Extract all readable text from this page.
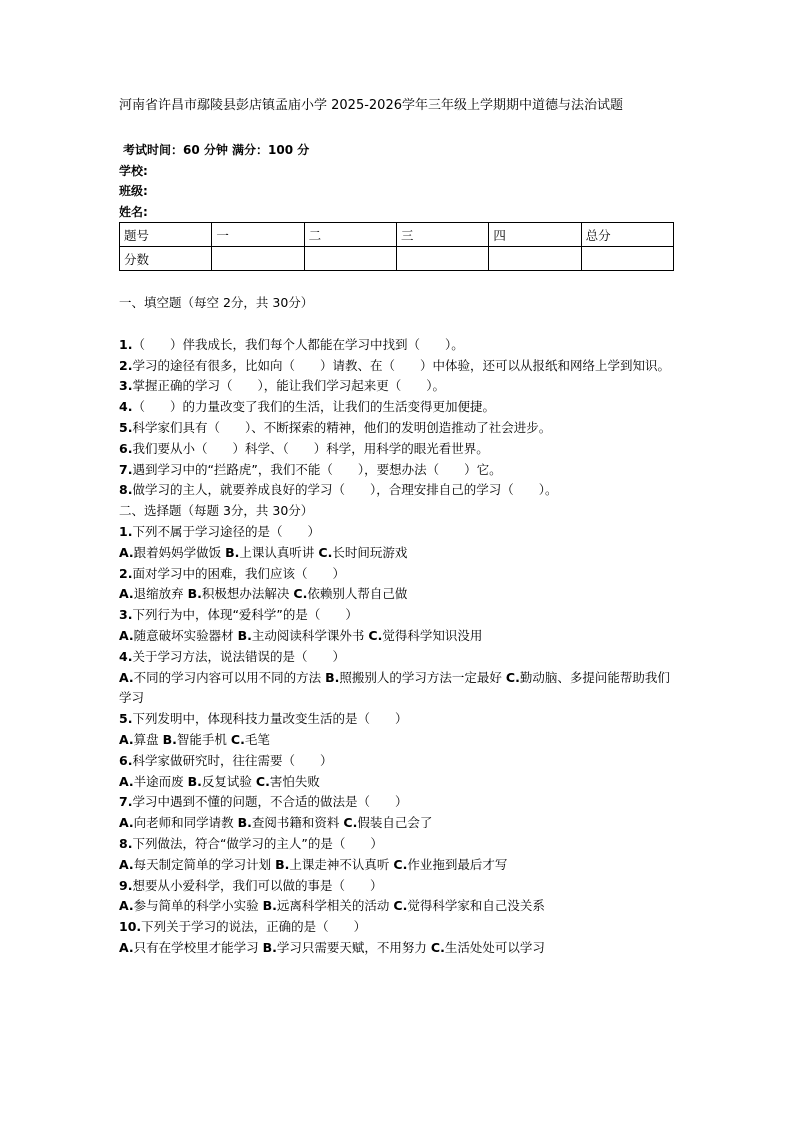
河南省许昌市鄢陵县彭店镇孟庙小学 2025-2026学年三年级上学期期中道德与法治试题
考试时间：60 分钟 满分：100 分
学校:
班级:
姓名:
题号	一	二	三	四	总分
分数					
一、填空题（每空 2分，共 30分）
1.（　　）伴我成长，我们每个人都能在学习中找到（　　）。
2.学习的途径有很多，比如向（　　）请教、在（　　）中体验，还可以从报纸和网络上学到知识。
3.掌握正确的学习（　　），能让我们学习起来更（　　）。
4.（　　）的力量改变了我们的生活，让我们的生活变得更加便捷。
5.科学家们具有（　　）、不断探索的精神，他们的发明创造推动了社会进步。
6.我们要从小（　　）科学、（　　）科学，用科学的眼光看世界。
7.遇到学习中的“拦路虎”，我们不能（　　），要想办法（　　）它。
8.做学习的主人，就要养成良好的学习（　　），合理安排自己的学习（　　）。
二、选择题（每题 3分，共 30分）
1.下列不属于学习途径的是（　　）
A.跟着妈妈学做饭 B.上课认真听讲 C.长时间玩游戏
2.面对学习中的困难，我们应该（　　）
A.退缩放弃 B.积极想办法解决 C.依赖别人帮自己做
3.下列行为中，体现“爱科学”的是（　　）
A.随意破坏实验器材 B.主动阅读科学课外书 C.觉得科学知识没用
4.关于学习方法，说法错误的是（　　）
A.不同的学习内容可以用不同的方法 B.照搬别人的学习方法一定最好 C.勤动脑、多提问能帮助我们学习
5.下列发明中，体现科技力量改变生活的是（　　）
A.算盘 B.智能手机 C.毛笔
6.科学家做研究时，往往需要（　　）
A.半途而废 B.反复试验 C.害怕失败
7.学习中遇到不懂的问题，不合适的做法是（　　）
A.向老师和同学请教 B.查阅书籍和资料 C.假装自己会了
8.下列做法，符合“做学习的主人”的是（　　）
A.每天制定简单的学习计划 B.上课走神不认真听 C.作业拖到最后才写
9.想要从小爱科学，我们可以做的事是（　　）
A.参与简单的科学小实验 B.远离科学相关的活动 C.觉得科学家和自己没关系
10.下列关于学习的说法，正确的是（　　）
A.只有在学校里才能学习 B.学习只需要天赋，不用努力 C.生活处处可以学习
